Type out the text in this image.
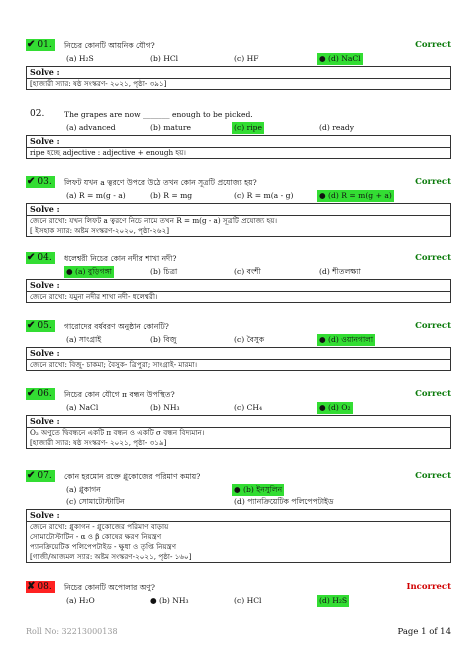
✔ 01.	নিচের কোনটি আয়নিক যৌগ?	Correct
(a) H₂S	(b) HCl	(c) HF	● (d) NaCl
Solve :
[হাজারী স্যার: ষষ্ঠ সংস্করণ- ২০২১, পৃষ্ঠা- ৩৯১]
02.	The grapes are now _______ enough to be picked.
(a) advanced	(b) mature	(c) ripe	(d) ready
Solve :
ripe হচ্ছে adjective : adjective + enough হয়।
✔ 03.	লিফট যখন a ত্বরণে উপরে উঠে তখন কোন সূত্রটি প্রযোজ্য হয়?	Correct
(a) R = m(g - a)	(b) R = mg	(c) R = m(a - g)	● (d) R = m(g + a)
Solve :
জেনে রাখো: যখন লিফট a ত্বরণে নিচে নামে তখন R = m(g - a) সূত্রটি প্রযোজ্য হয়।
[ ইসহাক স্যার: অষ্টম সংস্করণ-২০২০, পৃষ্ঠা-২৬২]
✔ 04.	ধলেশ্বরী নিচের কোন নদীর শাখা নদী?	Correct
● (a) বুড়িগঙ্গা	(b) চিত্রা	(c) বংশী	(d) শীতলক্ষ্যা
Solve :
জেনে রাখো: যমুনা নদীর শাখা নদী- ধলেশ্বরী।
✔ 05.	গারোদের বর্ষবরণ অনুষ্ঠান কোনটি?	Correct
(a) সাংগ্রাই	(b) বিজু	(c) বৈসুক	● (d) ওয়ানগালা
Solve :
জেনে রাখো: বিজু- চাকমা; বৈসুক- ত্রিপুরা; সাংগ্রাই- মারমা।
✔ 06.	নিচের কোন যৌগে π বন্ধন উপস্থিত?	Correct
(a) NaCl	(b) NH₃	(c) CH₄	● (d) O₂
Solve :
O₂ অণুতে দ্বিবন্ধনে একটি π বন্ধন ও একটি σ বন্ধন বিদ্যমান।
[হাজারী স্যার: ষষ্ঠ সংস্করণ- ২০২১, পৃষ্ঠা- ৩১৯]
✔ 07.	কোন হরমোন রক্তে গ্লুকোজের পরিমাণ কমায়?	Correct
(a) গ্লুকাগন	● (b) ইনসুলিন
(c) সোমাটোস্টাটিন	(d) প্যানক্রিয়েটিক পলিপেপটাইড
Solve :
জেনে রাখো: গ্লুকাগন - গ্লুকোজের পরিমাণ বাড়ায়
সোমাটোস্টাটিন - α ও β কোষের ক্ষরণ নিয়ন্ত্রণ
প্যানক্রিয়েটিক পলিপেপটাইড - ক্ষুধা ও তৃপ্তি নিয়ন্ত্রণ
[গাজী/আজমল স্যার: অষ্টম সংস্করণ-২০২১, পৃষ্ঠা- ১৬০]
✘ 08.	নিচের কোনটি অপোলার অণু?	Incorrect
(a) H₂O	● (b) NH₃	(c) HCl	(d) H₂S
Roll No: 32213000138	Page 1 of 14
